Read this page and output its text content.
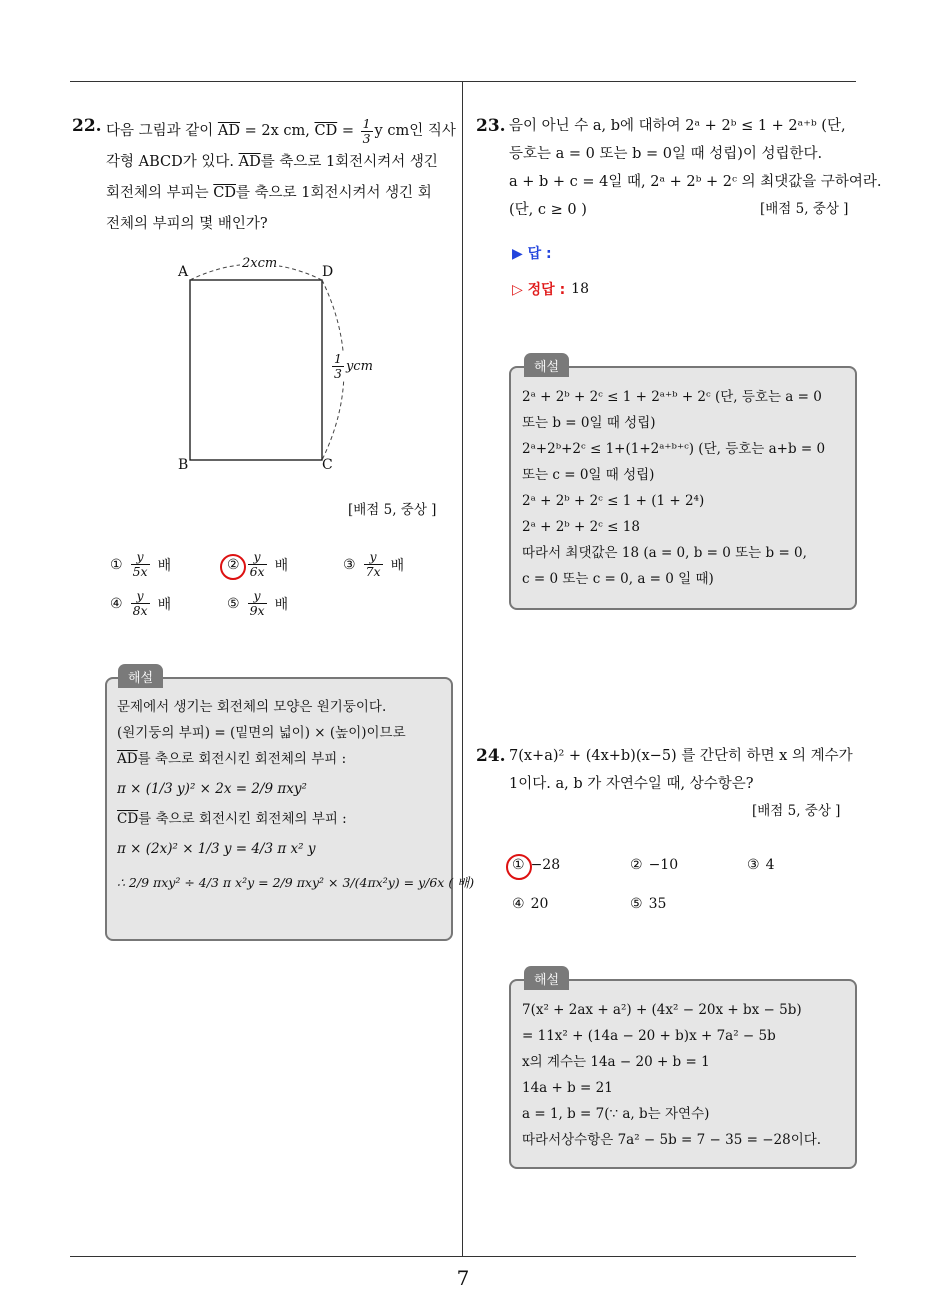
7
22. 다음 그림과 같이 $\overline{AD} = 2x$ cm, $\overline{CD} = \frac{1}{3}$ y cm인 직사
각형 ABCD가 있다. $\overline{AD}$를 축으로 1회전시켜서 생긴
회전체의 부피는 $\overline{CD}$를 축으로 1회전시켜서 생긴 회
전체의 부피의 몇 배인가?
A	D
B	C
2xcm
$\frac{1}{3}$ ycm
[배점 5, 중상 ]
① $\frac{y}{5x}$ 배	② $\frac{y}{6x}$ 배	③ $\frac{y}{7x}$ 배
④ $\frac{y}{8x}$ 배	⑤ $\frac{y}{9x}$ 배
해설
문제에서 생기는 회전체의 모양은 원기둥이다.
(원기둥의 부피) = (밑면의 넓이) × (높이)이므로
$\overline{AD}$를 축으로 회전시킨 회전체의 부피 :
π × (1/3 y)² × 2x = 2/9 πxy²
$\overline{CD}$를 축으로 회전시킨 회전체의 부피 :
π × (2x)² × 1/3 y = 4/3 π x² y
∴ 2/9 πxy² ÷ 4/3 π x²y = 2/9 πxy² × 3/(4πx²y) = y/6x ( 배)
23. 음이 아닌 수 a, b에 대하여 2ᵃ + 2ᵇ ≤ 1 + 2ᵃ⁺ᵇ (단,
등호는 a = 0 또는 b = 0일 때 성립)이 성립한다.
a + b + c = 4일 때, 2ᵃ + 2ᵇ + 2ᶜ 의 최댓값을 구하여라.
(단, c ≥ 0 )	[배점 5, 중상 ]
▶ 답 :
▷ 정답 : 18
해설
2ᵃ + 2ᵇ + 2ᶜ ≤ 1 + 2ᵃ⁺ᵇ + 2ᶜ (단, 등호는 a = 0
또는 b = 0일 때 성립)
2ᵃ+2ᵇ+2ᶜ ≤ 1+(1+2ᵃ⁺ᵇ⁺ᶜ) (단, 등호는 a+b = 0
또는 c = 0일 때 성립)
2ᵃ + 2ᵇ + 2ᶜ ≤ 1 + (1 + 2⁴)
2ᵃ + 2ᵇ + 2ᶜ ≤ 18
따라서 최댓값은 18 (a = 0, b = 0 또는 b = 0,
c = 0 또는 c = 0, a = 0 일 때)
24. 7(x+a)² + (4x+b)(x−5) 를 간단히 하면 x 의 계수가
1이다. a, b 가 자연수일 때, 상수항은?
[배점 5, 중상 ]
① −28	② −10	③ 4
④ 20	⑤ 35
해설
7(x² + 2ax + a²) + (4x² − 20x + bx − 5b)
= 11x² + (14a − 20 + b)x + 7a² − 5b
x의 계수는 14a − 20 + b = 1
14a + b = 21
a = 1, b = 7(∵ a, b는 자연수)
따라서상수항은 7a² − 5b = 7 − 35 = −28이다.
